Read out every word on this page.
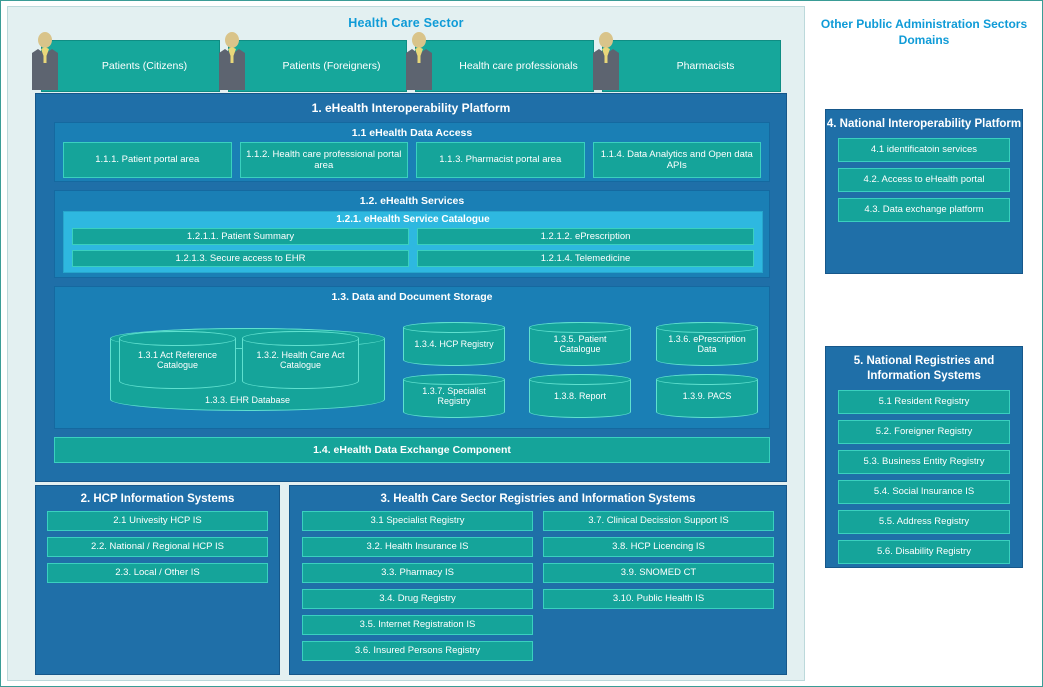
Health Care Sector
Patients (Citizens)	Patients (Foreigners)	Health care professionals	Pharmacists
1. eHealth Interoperability Platform
1.1 eHealth Data Access
1.1.1. Patient portal area
1.1.2. Health care professional portal area
1.1.3. Pharmacist portal area
1.1.4. Data Analytics and Open data APIs
1.2. eHealth Services
1.2.1. eHealth Service Catalogue
1.2.1.1. Patient Summary	1.2.1.2. ePrescription
1.2.1.3. Secure access to EHR	1.2.1.4. Telemedicine
1.3. Data and Document Storage
1.3.3. EHR Database
1.3.1 Act Reference Catalogue
1.3.2. Health Care Act Catalogue
1.3.4. HCP Registry
1.3.5. Patient Catalogue
1.3.6. ePrescription Data
1.3.7. Specialist Registry
1.3.8. Report	1.3.9. PACS
1.4. eHealth Data Exchange Component
2. HCP Information Systems
2.1 Univesity HCP IS
2.2. National / Regional HCP IS
2.3. Local / Other IS
3. Health Care Sector Registries and Information Systems
3.1 Specialist Registry
3.2. Health Insurance IS
3.3. Pharmacy IS
3.4. Drug Registry
3.5. Internet Registration IS
3.6. Insured Persons Registry
3.7. Clinical Decission Support IS
3.8. HCP Licencing IS
3.9. SNOMED CT
3.10. Public Health IS
Other Public Administration Sectors Domains
4. National Interoperability Platform
4.1 identificatoin services
4.2. Access to eHealth portal
4.3. Data exchange platform
5. National Registries and Information Systems
5.1 Resident Registry
5.2. Foreigner Registry
5.3. Business Entity Registry
5.4. Social Insurance IS
5.5. Address Registry
5.6. Disability Registry
